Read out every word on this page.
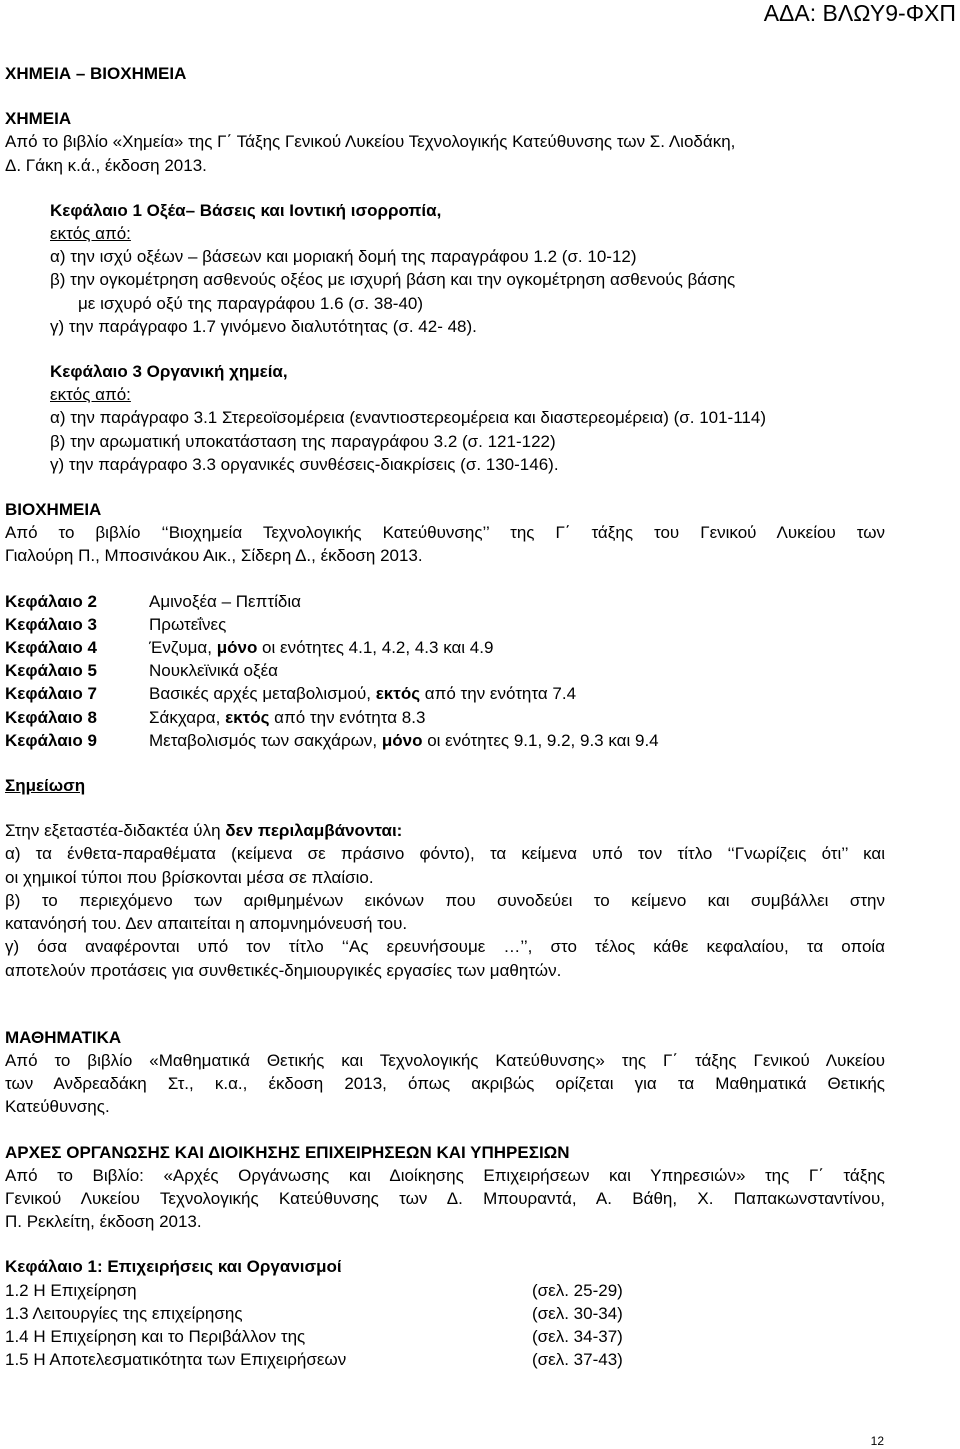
ΑΔΑ: ΒΛΩΥ9-ΦΧΠ

ΧΗΜΕΙΑ – ΒΙΟΧΗΜΕΙΑ

ΧΗΜΕΙΑ

Από το βιβλίο «Χημεία» της Γ΄ Τάξης Γενικού Λυκείου Τεχνολογικής Κατεύθυνσης των Σ. Λιοδάκη,

Δ. Γάκη κ.ά., έκδοση 2013.

Κεφάλαιο 1 Οξέα– Βάσεις και Ιοντική ισορροπία,

εκτός από:

α) την ισχύ οξέων – βάσεων και μοριακή δομή της παραγράφου 1.2 (σ. 10-12)

β) την ογκομέτρηση ασθενούς οξέος με ισχυρή βάση και την ογκομέτρηση ασθενούς βάσης

με ισχυρό οξύ της παραγράφου 1.6 (σ. 38-40)

γ) την παράγραφο 1.7 γινόμενο διαλυτότητας (σ. 42- 48).

Κεφάλαιο 3 Οργανική χημεία,

εκτός από:

α) την παράγραφο 3.1 Στερεοϊσομέρεια (εναντιοστερεομέρεια και διαστερεομέρεια) (σ. 101-114)

β) την αρωματική υποκατάσταση της παραγράφου 3.2 (σ. 121-122)

γ) την παράγραφο 3.3 οργανικές συνθέσεις-διακρίσεις (σ. 130-146).

ΒΙΟΧΗΜΕΙΑ

Από το βιβλίο ‘‘Βιοχημεία Τεχνολογικής Κατεύθυνσης’’ της Γ΄ τάξης του Γενικού Λυκείου των

Γιαλούρη Π., Μποσινάκου Αικ., Σίδερη Δ., έκδοση 2013.

Κεφάλαιο 2	Αμινοξέα – Πεπτίδια
Κεφάλαιο 3	Πρωτεΐνες
Κεφάλαιο 4	Ένζυμα, μόνο οι ενότητες 4.1, 4.2, 4.3 και 4.9
Κεφάλαιο 5	Νουκλεϊνικά οξέα
Κεφάλαιο 7	Βασικές αρχές μεταβολισμού, εκτός από την ενότητα 7.4
Κεφάλαιο 8	Σάκχαρα, εκτός από την ενότητα 8.3
Κεφάλαιο 9	Μεταβολισμός των σακχάρων, μόνο οι ενότητες 9.1, 9.2, 9.3 και 9.4

Σημείωση

Στην εξεταστέα-διδακτέα ύλη δεν περιλαμβάνονται:

α) τα ένθετα-παραθέματα (κείμενα σε πράσινο φόντο), τα κείμενα υπό τον τίτλο ‘‘Γνωρίζεις ότι’’ και

οι χημικοί τύποι που βρίσκονται μέσα σε πλαίσιο.

β) το περιεχόμενο των αριθμημένων εικόνων που συνοδεύει το κείμενο και συμβάλλει στην

κατανόησή του. Δεν απαιτείται η απομνημόνευσή του.

γ) όσα αναφέρονται υπό τον τίτλο ‘‘Ας ερευνήσουμε …’’, στο τέλος κάθε κεφαλαίου, τα οποία

αποτελούν προτάσεις για συνθετικές-δημιουργικές εργασίες των μαθητών.

ΜΑΘΗΜΑΤΙΚΑ

Από το βιβλίο «Μαθηματικά Θετικής και Τεχνολογικής Κατεύθυνσης» της Γ΄ τάξης Γενικού Λυκείου

των Ανδρεαδάκη Στ., κ.α., έκδοση 2013, όπως ακριβώς ορίζεται για τα Μαθηματικά Θετικής

Κατεύθυνσης.

ΑΡΧΕΣ ΟΡΓΑΝΩΣΗΣ ΚΑΙ ΔΙΟΙΚΗΣΗΣ ΕΠΙΧΕΙΡΗΣΕΩΝ ΚΑΙ ΥΠΗΡΕΣΙΩΝ

Από το Βιβλίο: «Αρχές Οργάνωσης και Διοίκησης Επιχειρήσεων και Υπηρεσιών» της Γ΄ τάξης

Γενικού Λυκείου Τεχνολογικής Κατεύθυνσης των Δ. Μπουραντά, Α. Βάθη, Χ. Παπακωνσταντίνου,

Π. Ρεκλείτη, έκδοση 2013.

Κεφάλαιο 1: Επιχειρήσεις και Οργανισμοί

1.2 Η Επιχείρηση	(σελ. 25-29)
1.3 Λειτουργίες της επιχείρησης	(σελ. 30-34)
1.4 Η Επιχείρηση και το Περιβάλλον της	(σελ. 34-37)
1.5 Η Αποτελεσματικότητα των Επιχειρήσεων	(σελ. 37-43)
12
